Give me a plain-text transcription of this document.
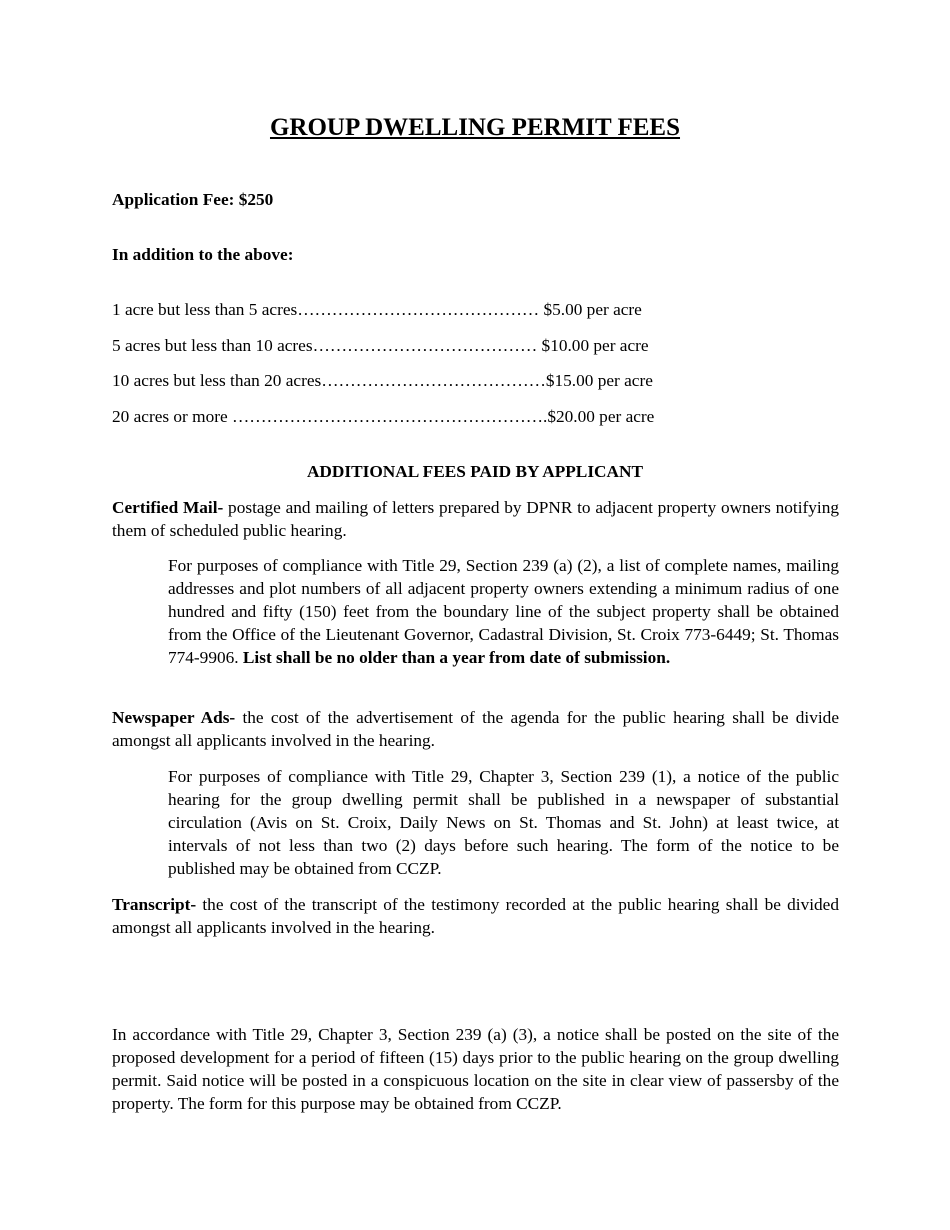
GROUP DWELLING PERMIT FEES
Application Fee: $250
In addition to the above:
1 acre but less than 5 acres…………………………………… $5.00 per acre
5 acres but less than 10 acres………………………………… $10.00 per acre
10 acres but less than 20 acres…………………………………$15.00 per acre
20 acres or more ……………………………………………….$20.00 per acre
ADDITIONAL FEES PAID BY APPLICANT
Certified Mail- postage and mailing of letters prepared by DPNR to adjacent property owners notifying them of scheduled public hearing.
For purposes of compliance with Title 29, Section 239 (a) (2), a list of complete names, mailing addresses and plot numbers of all adjacent property owners extending a minimum radius of one hundred and fifty (150) feet from the boundary line of the subject property shall be obtained from the Office of the Lieutenant Governor, Cadastral Division, St. Croix 773-6449; St. Thomas 774-9906. List shall be no older than a year from date of submission.
Newspaper Ads- the cost of the advertisement of the agenda for the public hearing shall be divide amongst all applicants involved in the hearing.
For purposes of compliance with Title 29, Chapter 3, Section 239 (1), a notice of the public hearing for the group dwelling permit shall be published in a newspaper of substantial circulation (Avis on St. Croix, Daily News on St. Thomas and St. John) at least twice, at intervals of not less than two (2) days before such hearing. The form of the notice to be published may be obtained from CCZP.
Transcript- the cost of the transcript of the testimony recorded at the public hearing shall be divided amongst all applicants involved in the hearing.
In accordance with Title 29, Chapter 3, Section 239 (a) (3), a notice shall be posted on the site of the proposed development for a period of fifteen (15) days prior to the public hearing on the group dwelling permit. Said notice will be posted in a conspicuous location on the site in clear view of passersby of the property. The form for this purpose may be obtained from CCZP.
